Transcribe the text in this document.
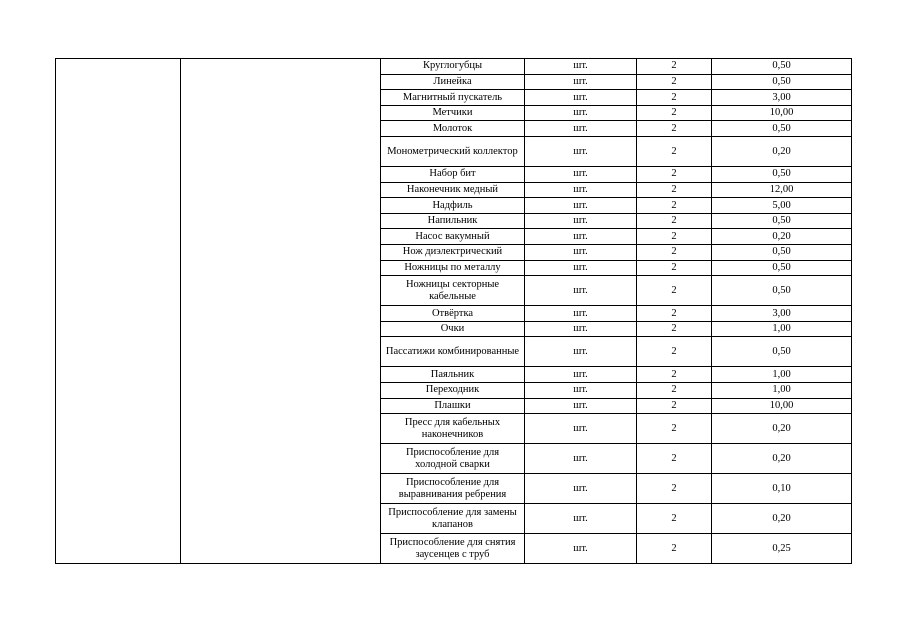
		Круглогубцы	шт.	2	0,50
		Линейка	шт.	2	0,50
		Магнитный пускатель	шт.	2	3,00
		Метчики	шт.	2	10,00
		Молоток	шт.	2	0,50
		Монометрический коллектор	шт.	2	0,20
		Набор бит	шт.	2	0,50
		Наконечник медный	шт.	2	12,00
		Надфиль	шт.	2	5,00
		Напильник	шт.	2	0,50
		Насос вакумный	шт.	2	0,20
		Нож диэлектрический	шт.	2	0,50
		Ножницы по металлу	шт.	2	0,50
		Ножницы секторные кабельные	шт.	2	0,50
		Отвёртка	шт.	2	3,00
		Очки	шт.	2	1,00
		Пассатижи комбинированные	шт.	2	0,50
		Паяльник	шт.	2	1,00
		Переходник	шт.	2	1,00
		Плашки	шт.	2	10,00
		Пресс для кабельных наконечников	шт.	2	0,20
		Приспособление для холодной сварки	шт.	2	0,20
		Приспособление для выравнивания ребрения	шт.	2	0,10
		Приспособление для замены клапанов	шт.	2	0,20
		Приспособление для снятия заусенцев с труб	шт.	2	0,25
